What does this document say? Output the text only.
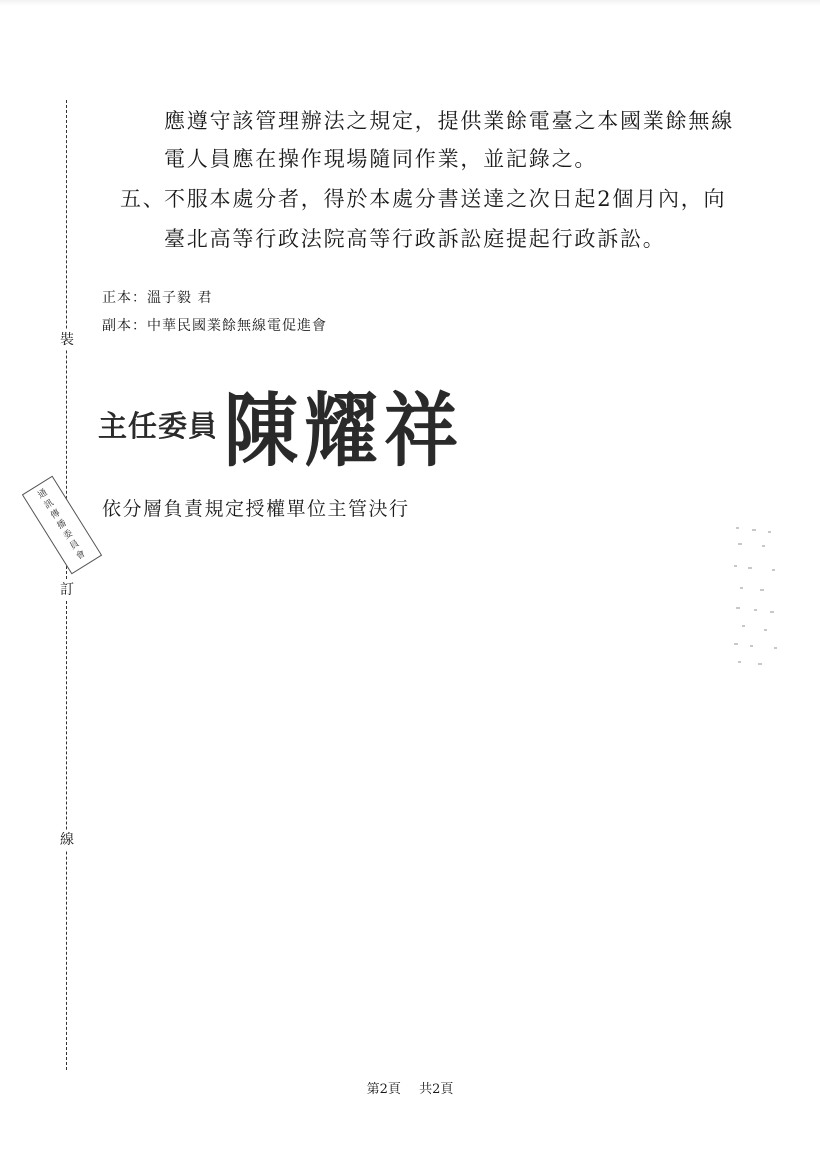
裝
訂
線
通
訊
傳
播
委
員
會
應遵守該管理辦法之規定，提供業餘電臺之本國業餘無線
電人員應在操作現場隨同作業，並記錄之。
五、
不服本處分者，得於本處分書送達之次日起2個月內，向
臺北高等行政法院高等行政訴訟庭提起行政訴訟。
正本：溫子毅 君
副本：中華民國業餘無線電促進會
主任委員 陳耀祥
依分層負責規定授權單位主管決行
第2頁 共2頁
